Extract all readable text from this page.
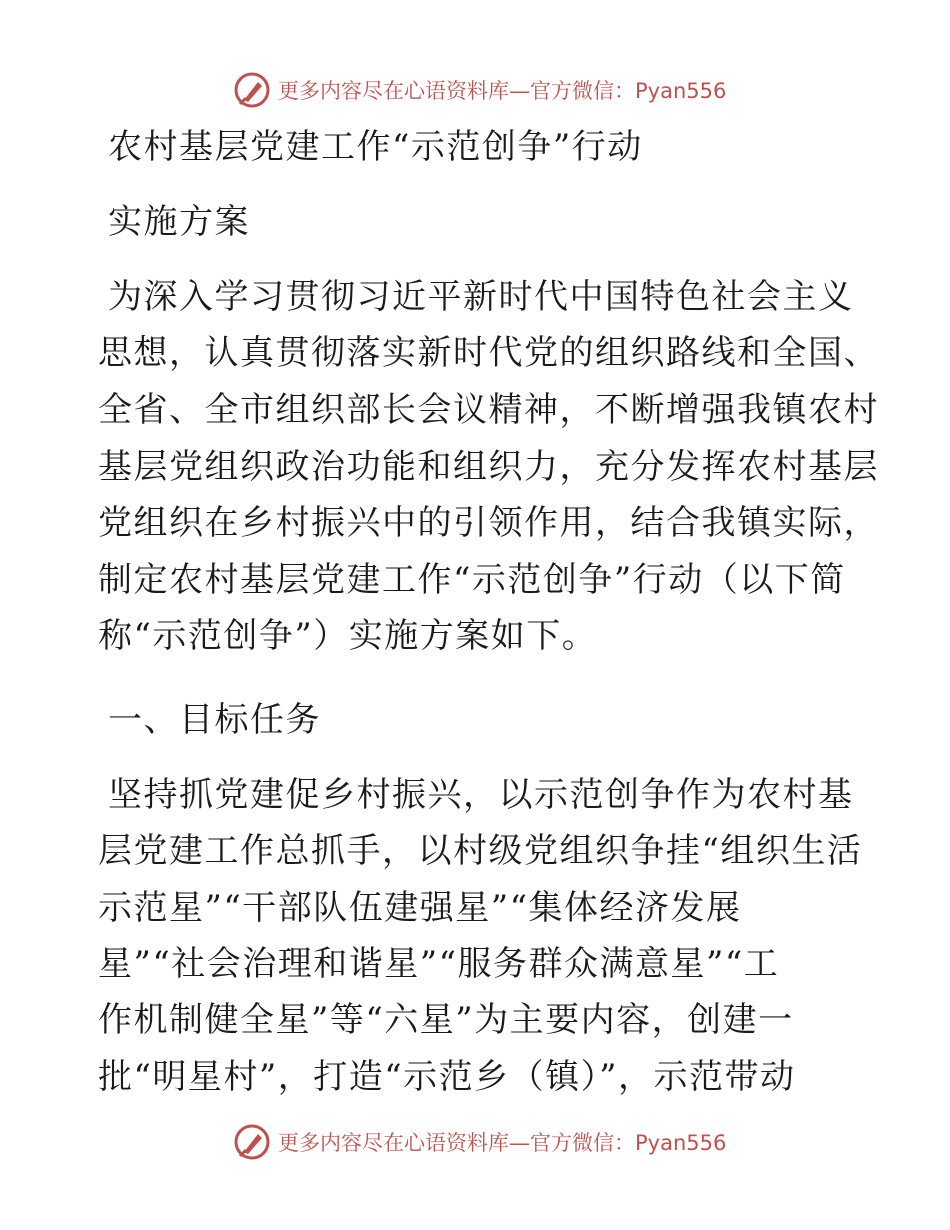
更多内容尽在心语资料库—官方微信：Pyan556
农村基层党建工作“示范创争”行动
实施方案
为深入学习贯彻习近平新时代中国特色社会主义
思想，认真贯彻落实新时代党的组织路线和全国、
全省、全市组织部长会议精神，不断增强我镇农村
基层党组织政治功能和组织力，充分发挥农村基层
党组织在乡村振兴中的引领作用，结合我镇实际，
制定农村基层党建工作“示范创争”行动（以下简
称“示范创争”）实施方案如下。
一、目标任务
坚持抓党建促乡村振兴，以示范创争作为农村基
层党建工作总抓手，以村级党组织争挂“组织生活
示范星”“干部队伍建强星”“集体经济发展
星”“社会治理和谐星”“服务群众满意星”“工
作机制健全星”等“六星”为主要内容，创建一
批“明星村”，打造“示范乡（镇）”，示范带动
更多内容尽在心语资料库—官方微信：Pyan556
